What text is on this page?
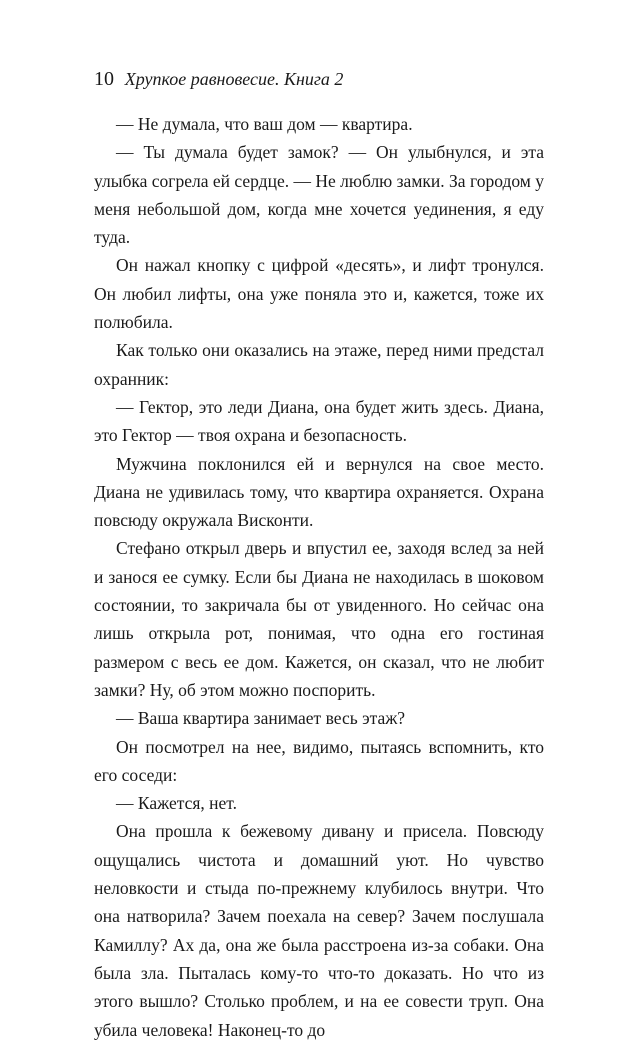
10 Хрупкое равновесие. Книга 2

— Не думала, что ваш дом — квартира.

— Ты думала будет замок? — Он улыбнулся, и эта улыбка согрела ей сердце. — Не люблю замки. За городом у меня небольшой дом, когда мне хочется уединения, я еду туда.

Он нажал кнопку с цифрой «десять», и лифт тронулся. Он любил лифты, она уже поняла это и, кажется, тоже их полюбила.

Как только они оказались на этаже, перед ними предстал охранник:

— Гектор, это леди Диана, она будет жить здесь. Диана, это Гектор — твоя охрана и безопасность.

Мужчина поклонился ей и вернулся на свое место. Диана не удивилась тому, что квартира охраняется. Охрана повсюду окружала Висконти.

Стефано открыл дверь и впустил ее, заходя вслед за ней и занося ее сумку. Если бы Диана не находилась в шоковом состоянии, то закричала бы от увиденного. Но сейчас она лишь открыла рот, понимая, что одна его гостиная размером с весь ее дом. Кажется, он сказал, что не любит замки? Ну, об этом можно поспорить.

— Ваша квартира занимает весь этаж?

Он посмотрел на нее, видимо, пытаясь вспомнить, кто его соседи:

— Кажется, нет.

Она прошла к бежевому дивану и присела. Повсюду ощущались чистота и домашний уют. Но чувство неловкости и стыда по-прежнему клубилось внутри. Что она натворила? Зачем поехала на север? Зачем послушала Камиллу? Ах да, она же была расстроена из-за собаки. Она была зла. Пыталась кому-то что-то доказать. Но что из этого вышло? Столько проблем, и на ее совести труп. Она убила человека! Наконец-то до
